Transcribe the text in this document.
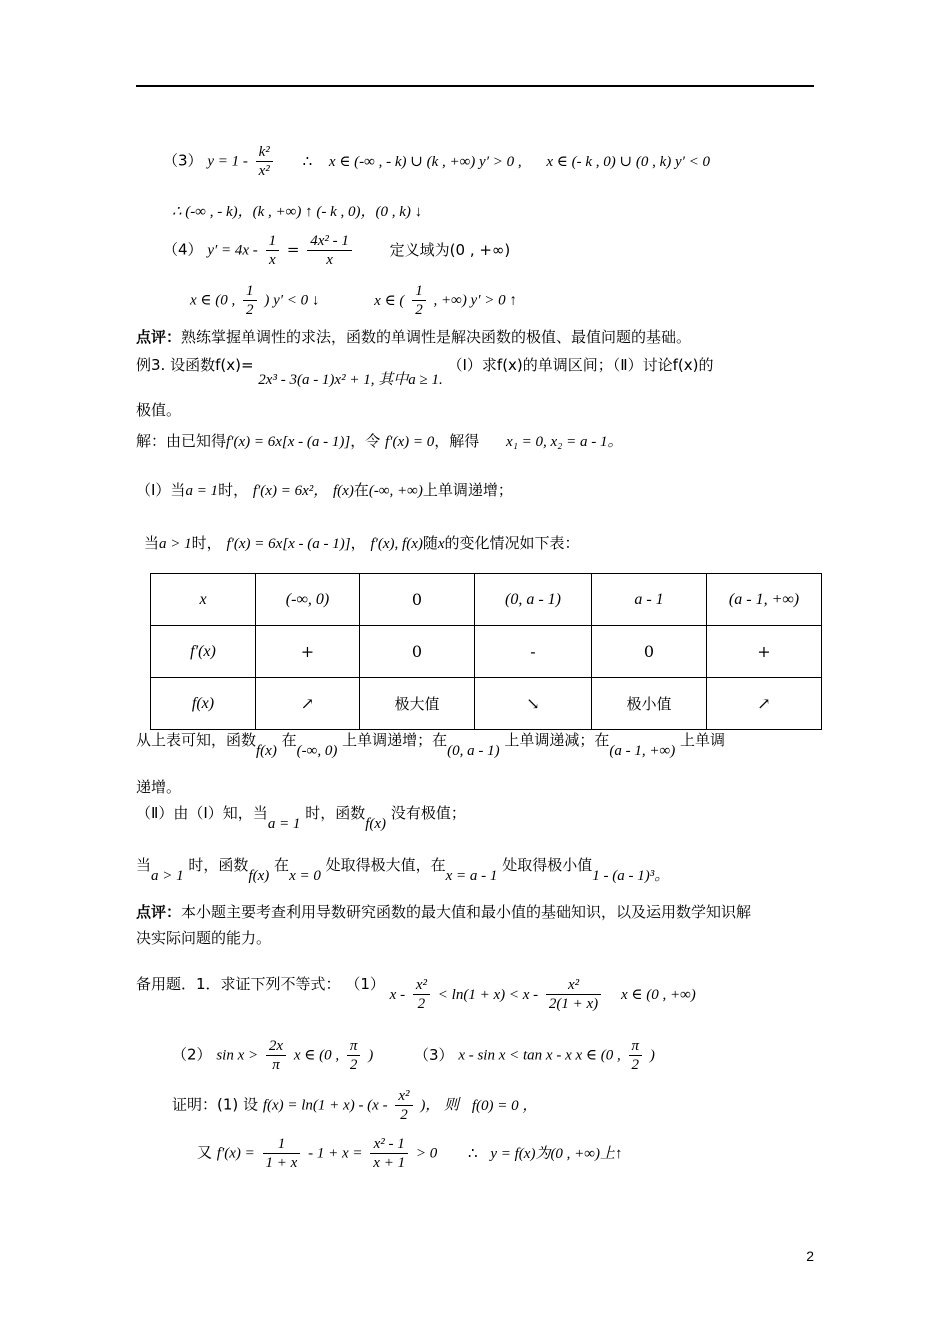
（3） $y = 1 - \frac{\text{k²}}{\text{x²}}$ ∴ x ∈ (-∞ , - k) ∪ (k , +∞) y′ > 0 , x ∈ (- k , 0) ∪ (0 , k) y′ < 0
∴ (-∞ , - k)，(k , +∞) ↑ (- k , 0)，(0 , k) ↓
（4） $y' = 4x - \frac{1}{x} = \frac{\text{4x² - 1}}{x}$	定义域为(0 , +∞)
x ∈ (0 , $\frac{1}{2}$ ) y′ < 0 ↓	x ∈ ( $\frac{1}{2}$ , +∞) y′ > 0 ↑
点评：熟练掌握单调性的求法，函数的单调性是解决函数的极值、最值问题的基础。
例3. 设函数f(x)= 2x³ - 3(a - 1)x² + 1, 其中a ≥ 1. （Ⅰ）求f(x)的单调区间；（Ⅱ）讨论f(x)的
极值。
解：由已知得f′(x) = 6x[x - (a - 1)]，令 f′(x) = 0，解得 x₁ = 0, x₂ = a - 1。
（Ⅰ）当a = 1时， f′(x) = 6x²， f(x)在(-∞, +∞)上单调递增；
当a > 1时， f′(x) = 6x[x - (a - 1)]， f′(x), f(x)随x的变化情况如下表：
x	(-∞, 0)	0	(0, a - 1)	a - 1	(a - 1, +∞)
f′(x)	+	0	-	0	+
f(x)	↗	极大值	↘	极小值	↗
从上表可知，函数f(x) 在(-∞, 0) 上单调递增；在(0, a - 1) 上单调递减；在(a - 1, +∞) 上单调
递增。
（Ⅱ）由（Ⅰ）知，当a = 1 时，函数f(x) 没有极值；
当a > 1 时，函数f(x) 在x = 0 处取得极大值，在x = a - 1 处取得极小值1 - (a - 1)³。
点评：本小题主要考查利用导数研究函数的最大值和最小值的基础知识，以及运用数学知识解
决实际问题的能力。
备用题．1．求证下列不等式： （1） $x - \frac{\text{x²}}{2} < \ln(1 + x) < x - \frac{\text{x²}}{2(1 + x)}$ x ∈ (0 , +∞)
（2） $\sin x > \frac{2x}{\pi}$ x ∈ (0 , $\frac{\pi}{2}$ )	（3） x - sin x < tan x - x x ∈ (0 , $\frac{\pi}{2}$ )
证明：(1) 设 $f(x) = \ln(1 + x) - (x - \frac{\text{x²}}{2}$ )， 则 f(0) = 0 ，
又 $f'(x) = \frac{1}{1 + x} - 1 + x = \frac{\text{x² - 1}}{x + 1} > 0$ ∴ y = f(x)为(0 , +∞)上↑
2
